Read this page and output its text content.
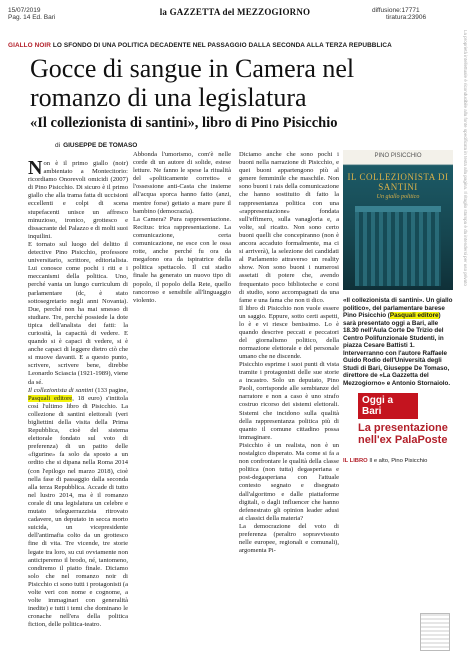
15/07/2019
Pag. 14 Ed. Bari
diffusione:17771
tiratura:23906
la GAZZETTA del MEZZOGIORNO
La proprietà intellettuale è riconducibile alla fonte specificata in testa alla pagina. Il ritaglio stampa è da intendersi per uso privato
GIALLO NOIR LO SFONDO DI UNA POLITICA DECADENTE NEL PASSAGGIO DALLA SECONDA ALLA TERZA REPUBBLICA
Gocce di sangue in Camera nel romanzo di una legislatura
«Il collezionista di santini», libro di Pino Pisicchio
di GIUSEPPE DE TOMASO

Non è il primo giallo (noir) ambientato a Montecitorio: ricordiamo Onorevoli omicidi (2007) di Pino Pisicchio. Di sicuro è il primo giallo che alla trama fatta di uccisioni eccellenti e colpi di scena stupefacenti unisce un affresco minuzioso, ironico, grottesco e dissacrante del Palazzo e di molti suoi inquilini.

E tornato sul luogo del delitto il detective Pino Pisicchio, professore universitario, scrittore, editorialista. Lui conosce come pochi i riti e i meccanismi della politica. Uno, perché vanta un lungo curriculum di parlamentare (dc, è stato sottosegretario negli anni Novanta). Due, perché non ha mai smesso di studiare. Tre, perché possiede la dote tipica dell'analista dei fatti: la curiosità, la capacità di vedere. E quando si è capaci di vedere, si è anche capaci di leggere dietro ciò che si muove davanti. E a questo punto, scrivere, scrivere bene, direbbe Leonardo Sciascia (1921-1989), viene da sé.

Il collezionista di santini (133 pagine, Pasquali editore, 18 euro) s'intitola così l'ultimo libro di Pisicchio. La collezione di santini elettorali (veri bigliettini della visita della Prima Repubblica, cioè del sistema elettorale fondato sul voto di preferenza) di un patito delle «figurine» fa solo da sposto a un ordito che si dipana nella Roma 2014 (con l'epilogo nel marzo 2018), cioè nella fase di passaggio dalla seconda alla terza Repubblica. Accade di tutto nel lustro 2014, ma è il romanzo corale di una legislatura un celebre e mutato teleguerrazzista ritrovato cadavere, un deputato in secca morto suicida, un vicepresidente dell'antimafia colto da un grottesco fine di vita. Tre vicende, tre storie legate tra loro, su cui ovviamente non anticiperemo il brodo, né, tantomeno, condiremo il piatto finale. Diciamo solo che nel romanzo noir di Pisicchio ci sono tutti i protagonisti (a volte veri con nome e cognome, a volte immaginari con generalità inedite) e tutti i temi che dominano le cronache nell'era della politica fiction, delle politica-teatro.

Abbonda l'umorismo, com'è nelle corde di un autore di solide, estese letture. Ne fanno le spese la ritualità del «politicamente corretto» e l'ossessione anti-Casta che insieme all'acqua sporca hanno fatto (anzi, mentre forse) gettato a mare pure il bambino (democrazia).

La Camera? Pura rappresentazione. Recitus: trica rappresentazione. La comunicazione, certa comunicazione, ne esce con le ossa rotte, anche perché fu ora da megafono ora da ispiratrice della politica spettacolo. Il cui stadio finale ha generato un nuovo tipo di popolo, il popolo della Rete, quello rancoroso e sensibile all'linguaggio violento.

Diciamo anche che sono pochi i buoni nella narrazione di Pisicchio, e quei buoni appartengono più al genere femminile che maschile. Non sono buoni i rais della comunicazione che hanno sostituito di fatto la rappresentanza politica con una «rappresentazione» fondata sull'effimero, sulla vanagloria e, a volte, sul ricatto. Non sono certo buoni quelli che concepiranno (non è ancora accaduto formalmente, ma ci si arriverà), la selezione dei candidati al Parlamento attraverso un reality show. Non sono buoni i numerosi assetati di potere che, avendo frequentato poco biblioteche e corsi di studio, sono accompagnati da una fame e una fama che non ti dico.

Il libro di Pisicchio non vuole essere un saggio. Eppure, sotto certi aspetti, lo è e vi riesce benissimo. Lo è quando descrive peccati e peccatori del giornalismo politico, della normazione elettorale e del personale umano che ne discende.

Pisicchio esprime i suoi punti di vista tramite i protagonisti delle sue storie a incastro. Solo un deputato, Pino Paoli, corrisponde alle sembianze del narratore e non a caso è uno strafo costruo ricorso dei sistemi elettorali. Sistemi che incidono sulla qualità della rappresentanza politica più di quanto il comune cittadino possa immaginare.

Pisicchio è un realista, non è un nostalgico disperato. Ma come si fa a non confrontare le qualità della classe politica (non tutta) degasperiana e post-degasperiana con l'attuale contesto segnato e disegnato dall'algoritmo e dalle piattaforme digitali, o dagli influencer che hanno defenestrato gli opinion leader adusi ai classici della materia?

La democrazione del voto di preferenza (peraltro sopravvissuto nelle europee, regionali e comunali), argomenta Pi-

PINO PISICCHIO
IL COLLEZIONISTA DI SANTINI
Un giallo politico
«Il collezionista di santini». Un giallo politico», del parlamentare barese Pino Pisicchio (Pasquali editore) sarà presentato oggi a Bari, alle 18.30 nell'Aula Corte De Trizio del Centro Polifunzionale Studenti, in piazza Cesare Battisti 1. Interverranno con l'autore Raffaele Guido Rodio dell'Università degli Studi di Bari, Giuseppe De Tomaso, direttore de «La Gazzetta del Mezzogiorno» e Antonio Stornaiolo.
Oggi a Bari
La presentazione nell'ex PalaPoste
IL LIBRO Il e alto, Pino Pisicchio
